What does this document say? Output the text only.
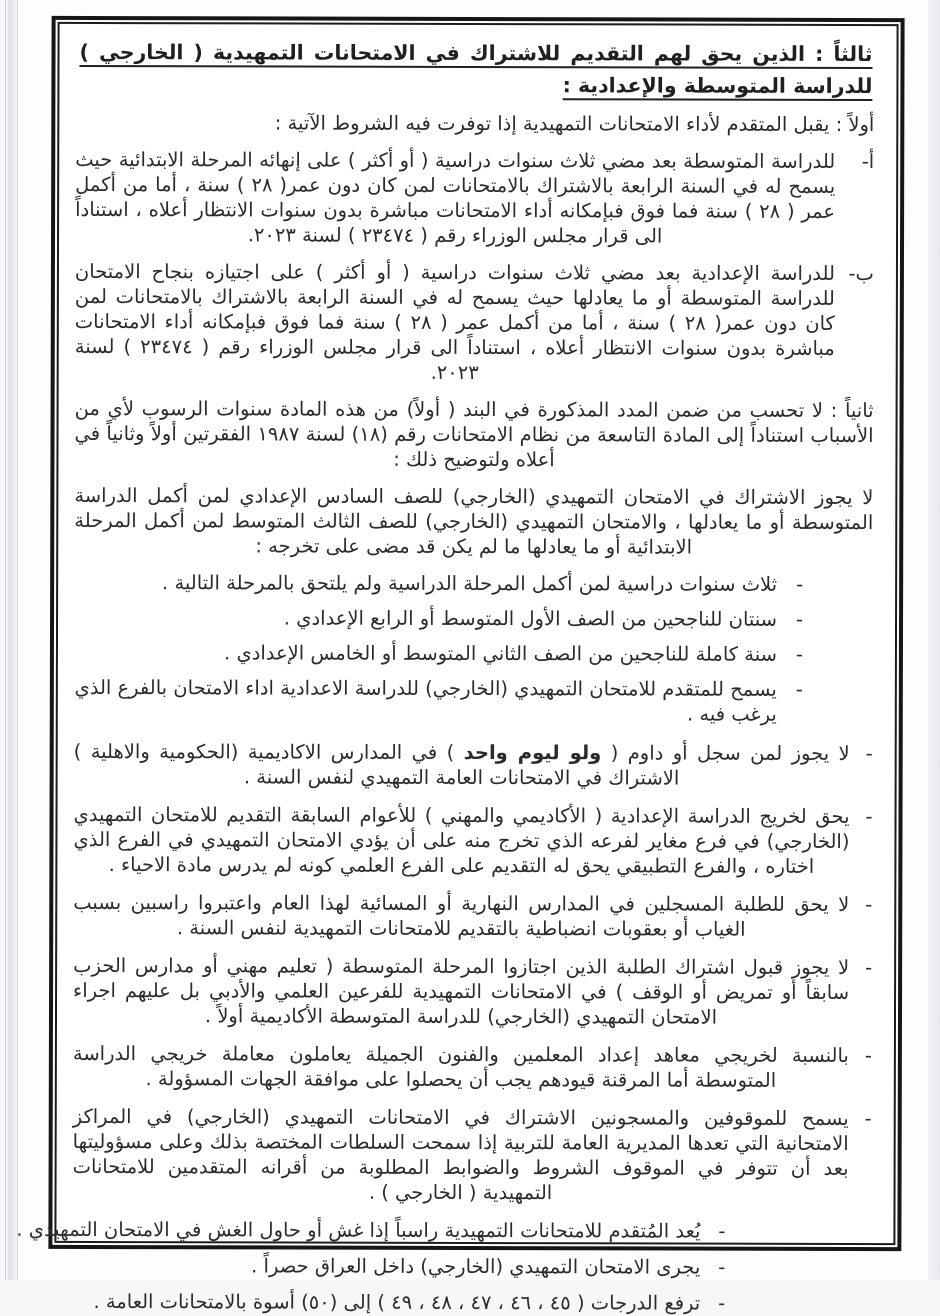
ثالثاً : الذين يحق لهم التقديم للاشتراك في الامتحانات التمهيدية ( الخارجي ) للدراسة المتوسطة والإعدادية :
أولاً : يقبل المتقدم لأداء الامتحانات التمهيدية إذا توفرت فيه الشروط الآتية :
أ-
للدراسة المتوسطة بعد مضي ثلاث سنوات دراسية ( أو أكثر ) على إنهائه المرحلة الابتدائية حيث يسمح له في السنة الرابعة بالاشتراك بالامتحانات لمن كان دون عمر( ٢٨ ) سنة ، أما من أكمل عمر ( ٢٨ ) سنة فما فوق فبإمكانه أداء الامتحانات مباشرة بدون سنوات الانتظار أعلاه ، استناداً الى قرار مجلس الوزراء رقم ( ٢٣٤٧٤ ) لسنة ٢٠٢٣.
ب-
للدراسة الإعدادية بعد مضي ثلاث سنوات دراسية ( أو أكثر ) على اجتيازه بنجاح الامتحان للدراسة المتوسطة أو ما يعادلها حيث يسمح له في السنة الرابعة بالاشتراك بالامتحانات لمن كان دون عمر( ٢٨ ) سنة ، أما من أكمل عمر ( ٢٨ ) سنة فما فوق فبإمكانه أداء الامتحانات مباشرة بدون سنوات الانتظار أعلاه ، استناداً الى قرار مجلس الوزراء رقم ( ٢٣٤٧٤ ) لسنة ٢٠٢٣.
ثانياً : لا تحسب من ضمن المدد المذكورة في البند ( أولاً) من هذه المادة سنوات الرسوب لأي من الأسباب استناداً إلى المادة التاسعة من نظام الامتحانات رقم (١٨) لسنة ١٩٨٧ الفقرتين أولاً وثانياً في أعلاه ولتوضيح ذلك :
لا يجوز الاشتراك في الامتحان التمهيدي (الخارجي) للصف السادس الإعدادي لمن أكمل الدراسة المتوسطة أو ما يعادلها ، والامتحان التمهيدي (الخارجي) للصف الثالث المتوسط لمن أكمل المرحلة الابتدائية أو ما يعادلها ما لم يكن قد مضى على تخرجه :
-
ثلاث سنوات دراسية لمن أكمل المرحلة الدراسية ولم يلتحق بالمرحلة التالية .
-
سنتان للناجحين من الصف الأول المتوسط أو الرابع الإعدادي .
-
سنة كاملة للناجحين من الصف الثاني المتوسط أو الخامس الإعدادي .
-
يسمح للمتقدم للامتحان التمهيدي (الخارجي) للدراسة الاعدادية اداء الامتحان بالفرع الذي يرغب فيه .
-
لا يجوز لمن سجل أو داوم ( ولو ليوم واحد ) في المدارس الاكاديمية (الحكومية والاهلية ) الاشتراك في الامتحانات العامة التمهيدي لنفس السنة .
-
يحق لخريج الدراسة الإعدادية ( الأكاديمي والمهني ) للأعوام السابقة التقديم للامتحان التمهيدي (الخارجي) في فرع مغاير لفرعه الذي تخرج منه على أن يؤدي الامتحان التمهيدي في الفرع الذي اختاره ، والفرع التطبيقي يحق له التقديم على الفرع العلمي كونه لم يدرس مادة الاحياء .
-
لا يحق للطلبة المسجلين في المدارس النهارية أو المسائية لهذا العام واعتبروا راسبين بسبب الغياب أو بعقوبات انضباطية بالتقديم للامتحانات التمهيدية لنفس السنة .
-
لا يجوز قبول اشتراك الطلبة الذين اجتازوا المرحلة المتوسطة ( تعليم مهني أو مدارس الحزب سابقاً أو تمريض أو الوقف ) في الامتحانات التمهيدية للفرعين العلمي والأدبي بل عليهم اجراء الامتحان التمهيدي (الخارجي) للدراسة المتوسطة الأكاديمية أولاً .
-
بالنسبة لخريجي معاهد إعداد المعلمين والفنون الجميلة يعاملون معاملة خريجي الدراسة المتوسطة أما المرقنة قيودهم يجب أن يحصلوا على موافقة الجهات المسؤولة .
-
يسمح للموقوفين والمسجونين الاشتراك في الامتحانات التمهيدي (الخارجي) في المراكز الامتحانية التي تعدها المديرية العامة للتربية إذا سمحت السلطات المختصة بذلك وعلى مسؤوليتها بعد أن تتوفر في الموقوف الشروط والضوابط المطلوبة من أقرانه المتقدمين للامتحانات التمهيدية ( الخارجي ) .
-
يُعد المُتقدم للامتحانات التمهيدية راسباً إذا غش أو حاول الغش في الامتحان التمهيدي .
-
يجرى الامتحان التمهيدي (الخارجي) داخل العراق حصراً .
-
ترفع الدرجات ( ٤٥ ، ٤٦ ، ٤٧ ، ٤٨ ، ٤٩ ) إلى (٥٠) أسوة بالامتحانات العامة .
